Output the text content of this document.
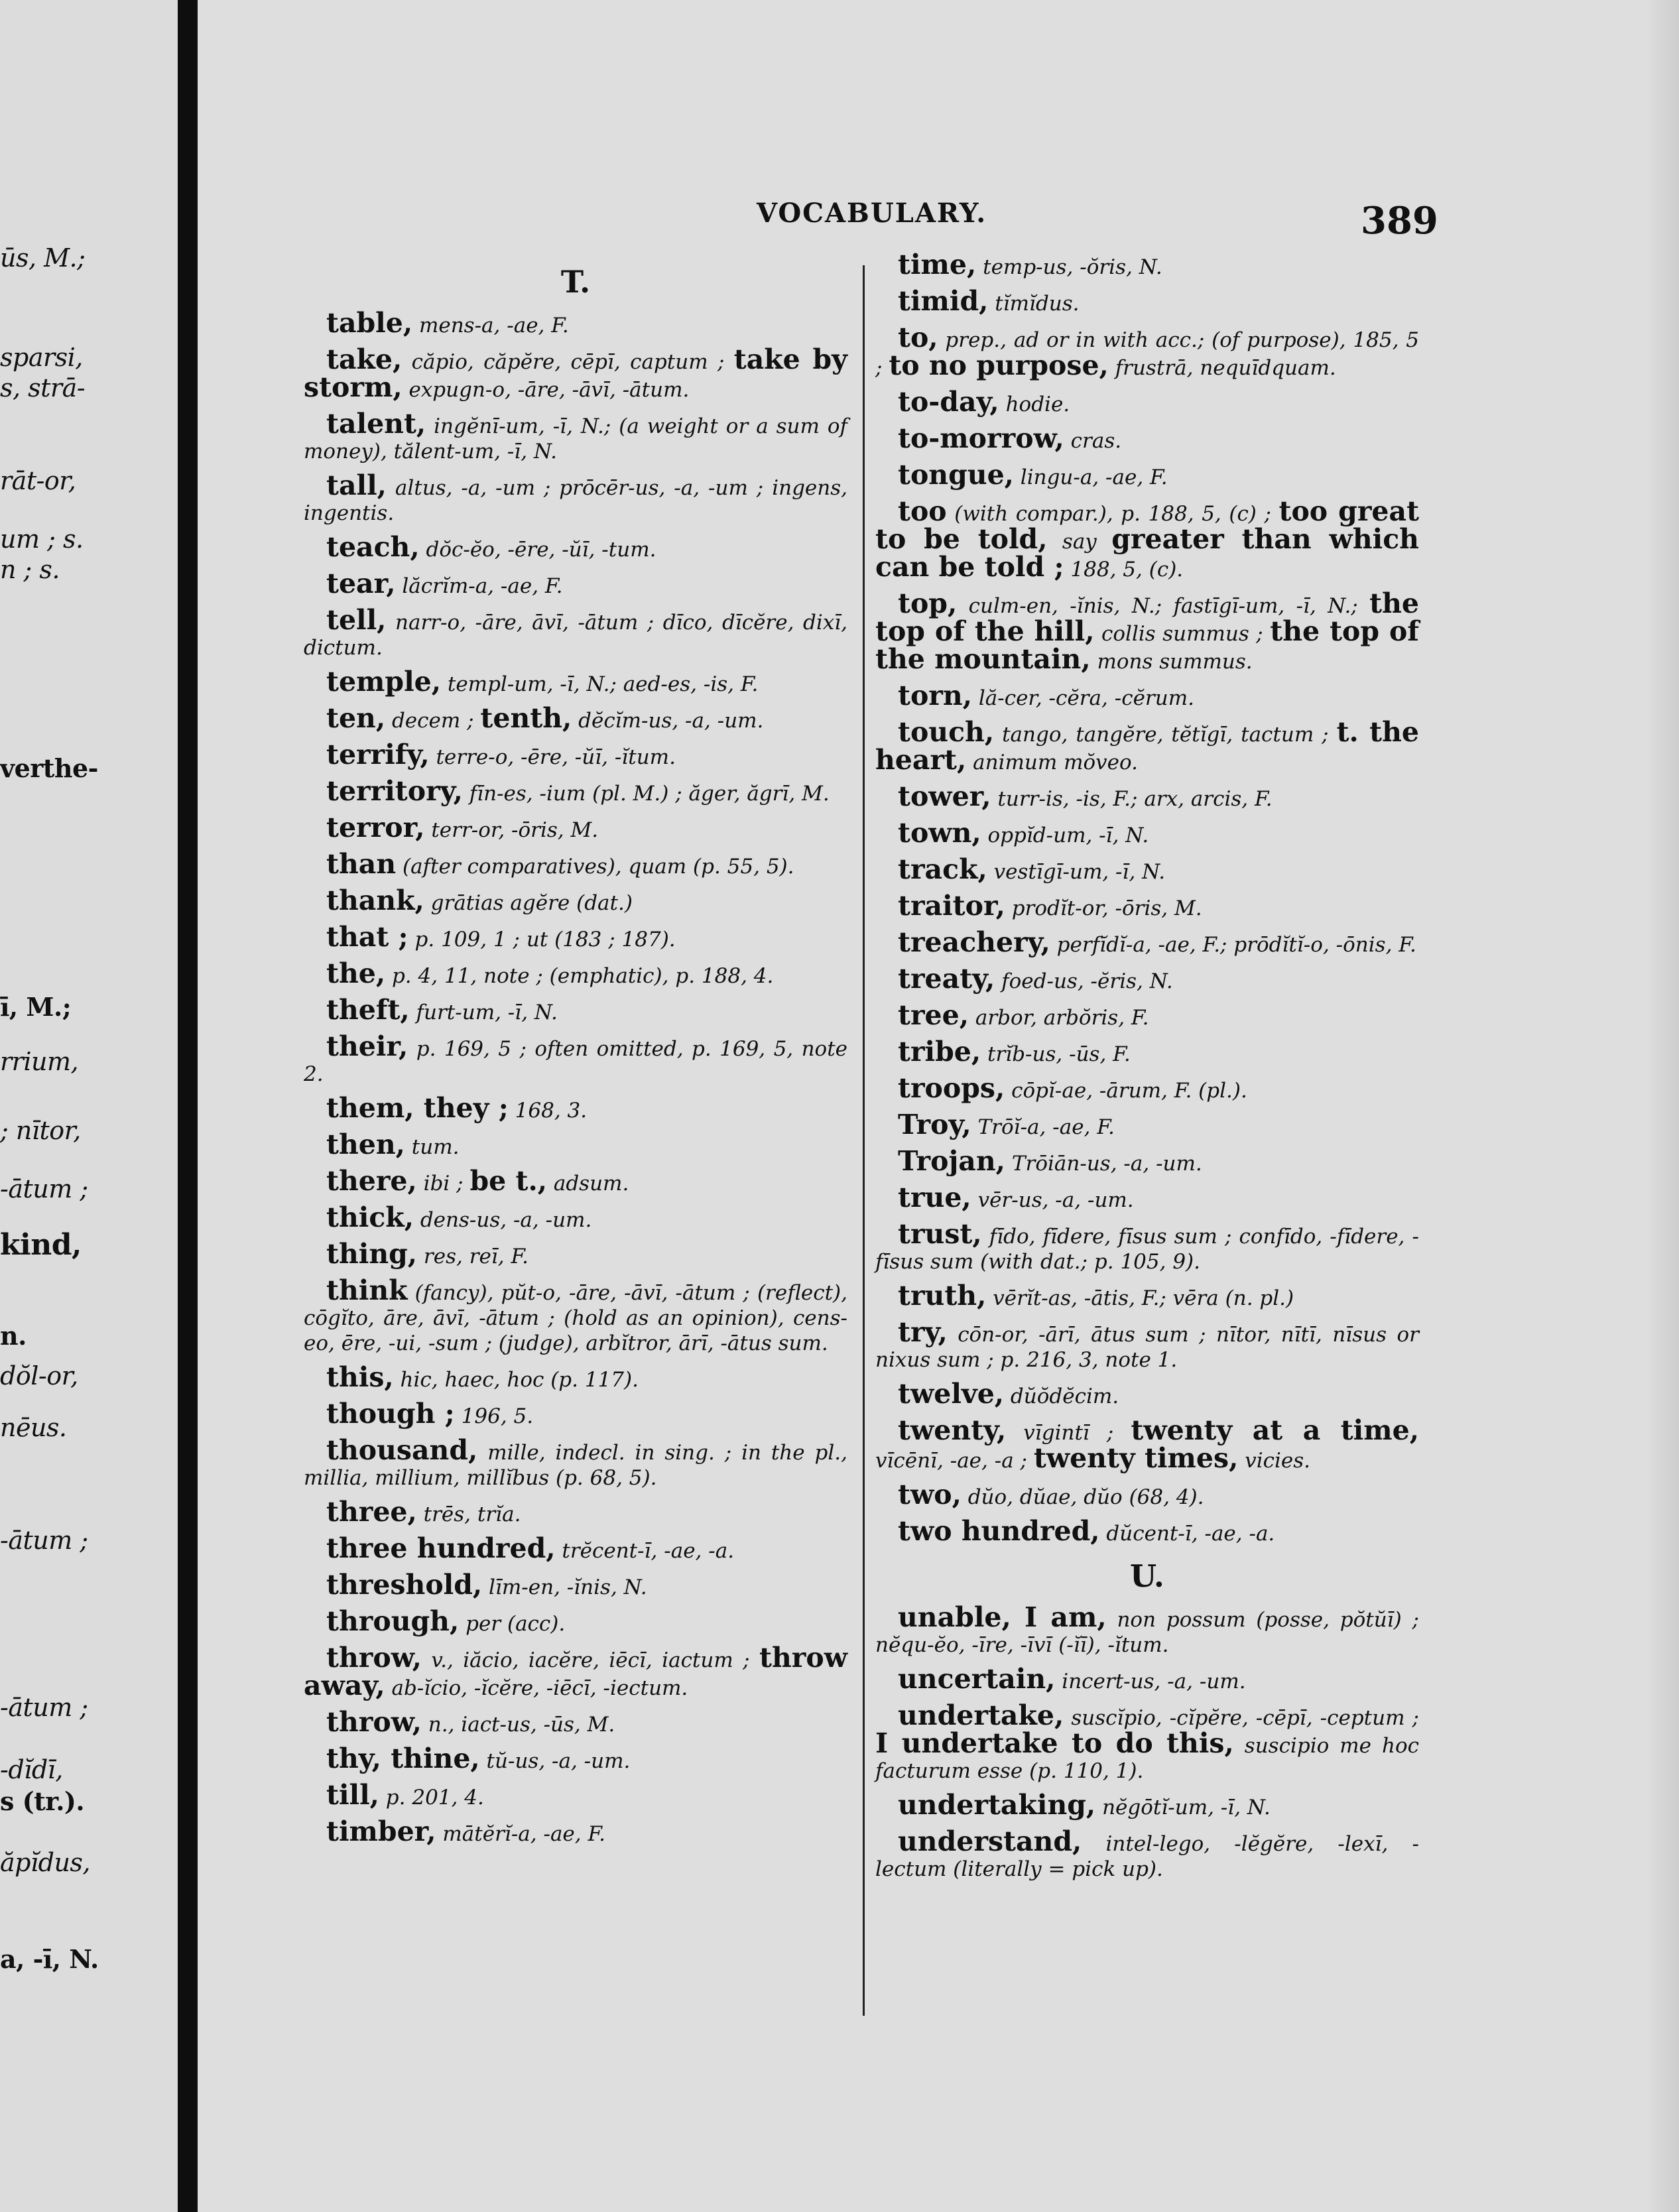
ūs, M.;
sparsi,
s, strā-
rāt-or,
um ; s.
n ; s.
verthe-
ī, M.;
rrium,
; nītor,
-ātum ;
kind,
n.
dŏl-or,
nēus.
-ātum ;
-ātum ;
-dĭdī,
s (tr.).
ăpĭdus,
a, -ī, N.
VOCABULARY.	389
T.
table, mens-a, -ae, F.
take, căpio, căpĕre, cēpī, captum ; take by storm, expugn-o, -āre, -āvī, -ātum.
talent, ingĕnī-um, -ī, N.; (a weight or a sum of money), tălent-um, -ī, N.
tall, altus, -a, -um ; prōcēr-us, -a, -um ; ingens, ingentis.
teach, dŏc-ĕo, -ēre, -ŭī, -tum.
tear, lăcrĭm-a, -ae, F.
tell, narr-o, -āre, āvī, -ātum ; dīco, dīcĕre, dixī, dictum.
temple, templ-um, -ī, N.; aed-es, -is, F.
ten, decem ; tenth, dĕcĭm-us, -a, -um.
terrify, terre-o, -ēre, -ŭī, -ĭtum.
territory, fīn-es, -ium (pl. M.) ; ăger, ăgrī, M.
terror, terr-or, -ōris, M.
than (after comparatives), quam (p. 55, 5).
thank, grātias agĕre (dat.)
that ; p. 109, 1 ; ut (183 ; 187).
the, p. 4, 11, note ; (emphatic), p. 188, 4.
theft, furt-um, -ī, N.
their, p. 169, 5 ; often omitted, p. 169, 5, note 2.
them, they ; 168, 3.
then, tum.
there, ibi ; be t., adsum.
thick, dens-us, -a, -um.
thing, res, reī, F.
think (fancy), pŭt-o, -āre, -āvī, -ātum ; (reflect), cōgĭto, āre, āvī, -ātum ; (hold as an opinion), cens-eo, ēre, -ui, -sum ; (judge), arbĭtror, ārī, -ātus sum.
this, hic, haec, hoc (p. 117).
though ; 196, 5.
thousand, mille, indecl. in sing. ; in the pl., millia, millium, millĭbus (p. 68, 5).
three, trēs, trĭa.
three hundred, trĕcent-ī, -ae, -a.
threshold, līm-en, -ĭnis, N.
through, per (acc).
throw, v., iăcio, iacĕre, iēcī, iactum ; throw away, ab-ĭcio, -ĭcĕre, -iēcī, -iectum.
throw, n., iact-us, -ūs, M.
thy, thine, tŭ-us, -a, -um.
till, p. 201, 4.
timber, mātĕrĭ-a, -ae, F.
time, temp-us, -ŏris, N.
timid, tĭmĭdus.
to, prep., ad or in with acc.; (of purpose), 185, 5 ; to no purpose, frustrā, nequīdquam.
to-day, hodie.
to-morrow, cras.
tongue, lingu-a, -ae, F.
too (with compar.), p. 188, 5, (c) ; too great to be told, say greater than which can be told ; 188, 5, (c).
top, culm-en, -ĭnis, N.; fastīgī-um, -ī, N.; the top of the hill, collis summus ; the top of the mountain, mons summus.
torn, lă-cer, -cĕra, -cĕrum.
touch, tango, tangĕre, tĕtĭgī, tactum ; t. the heart, animum mŏveo.
tower, turr-is, -is, F.; arx, arcis, F.
town, oppĭd-um, -ī, N.
track, vestīgī-um, -ī, N.
traitor, prodĭt-or, -ōris, M.
treachery, perfĭdĭ-a, -ae, F.; prōdĭtĭ-o, -ōnis, F.
treaty, foed-us, -ĕris, N.
tree, arbor, arbŏris, F.
tribe, trĭb-us, -ūs, F.
troops, cōpĭ-ae, -ārum, F. (pl.).
Troy, Trōĭ-a, -ae, F.
Trojan, Trōiān-us, -a, -um.
true, vēr-us, -a, -um.
trust, fīdo, fīdere, fīsus sum ; confīdo, -fīdere, -fīsus sum (with dat.; p. 105, 9).
truth, vērĭt-as, -ātis, F.; vēra (n. pl.)
try, cōn-or, -ārī, ātus sum ; nītor, nītī, nīsus or nixus sum ; p. 216, 3, note 1.
twelve, dŭŏdĕcim.
twenty, vīgintī ; twenty at a time, vīcēnī, -ae, -a ; twenty times, vicies.
two, dŭo, dŭae, dŭo (68, 4).
two hundred, dŭcent-ī, -ae, -a.
U.
unable, I am, non possum (posse, pŏtŭī) ; nĕqu-ĕo, -īre, -īvī (-ĭī), -ĭtum.
uncertain, incert-us, -a, -um.
undertake, suscĭpio, -cĭpĕre, -cēpī, -ceptum ; I undertake to do this, suscipio me hoc facturum esse (p. 110, 1).
undertaking, nĕgōtĭ-um, -ī, N.
understand, intel-lego, -lĕgĕre, -lexī, -lectum (literally = pick up).
